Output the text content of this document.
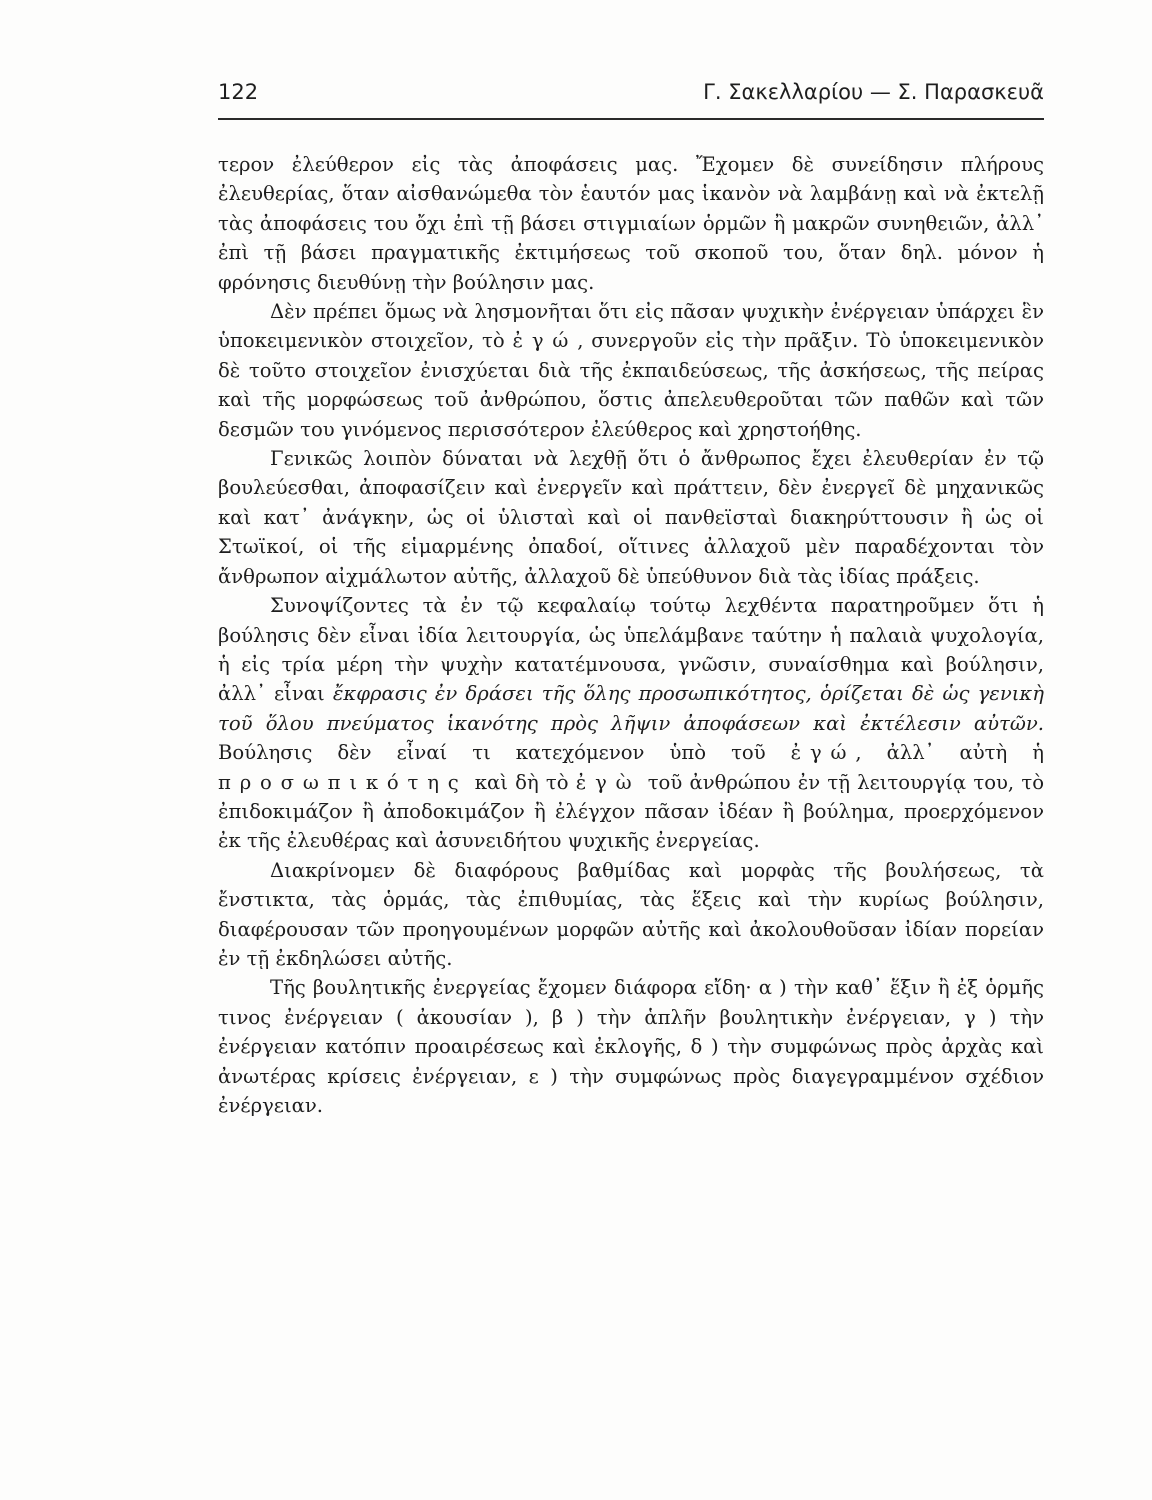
122	Γ. Σακελλαρίου — Σ. Παρασκευᾶ

τερον ἐλεύθερον εἰς τὰς ἀποφάσεις μας. Ἔχομεν δὲ συνείδησιν πλήρους ἐλευθερίας, ὅταν αἰσθανώμεθα τὸν ἑαυτόν μας ἱκανὸν νὰ λαμβάνῃ καὶ νὰ ἐκτελῇ τὰς ἀποφάσεις του ὄχι ἐπὶ τῇ βάσει στιγμιαίων ὁρμῶν ἢ μακρῶν συνηθειῶν, ἀλλ᾽ ἐπὶ τῇ βάσει πραγματικῆς ἐκτιμήσεως τοῦ σκοποῦ του, ὅταν δηλ. μόνον ἡ φρόνησις διευθύνῃ τὴν βούλησιν μας.

Δὲν πρέπει ὅμως νὰ λησμονῆται ὅτι εἰς πᾶσαν ψυχικὴν ἐνέργειαν ὑπάρχει ἓν ὑποκειμενικὸν στοιχεῖον, τὸ ἐγώ, συνεργοῦν εἰς τὴν πρᾶξιν. Τὸ ὑποκειμενικὸν δὲ τοῦτο στοιχεῖον ἐνισχύεται διὰ τῆς ἐκπαιδεύσεως, τῆς ἀσκήσεως, τῆς πείρας καὶ τῆς μορφώσεως τοῦ ἀνθρώπου, ὅστις ἀπελευθεροῦται τῶν παθῶν καὶ τῶν δεσμῶν του γινόμενος περισσότερον ἐλεύθερος καὶ χρηστοήθης.

Γενικῶς λοιπὸν δύναται νὰ λεχθῇ ὅτι ὁ ἄνθρωπος ἔχει ἐλευθερίαν ἐν τῷ βουλεύεσθαι, ἀποφασίζειν καὶ ἐνεργεῖν καὶ πράττειν, δὲν ἐνεργεῖ δὲ μηχανικῶς καὶ κατ᾽ ἀνάγκην, ὡς οἱ ὑλισταὶ καὶ οἱ πανθεϊσταὶ διακηρύττουσιν ἢ ὡς οἱ Στωϊκοί, οἱ τῆς εἱμαρμένης ὀπαδοί, οἵτινες ἀλλαχοῦ μὲν παραδέχονται τὸν ἄνθρωπον αἰχμάλωτον αὐτῆς, ἀλλαχοῦ δὲ ὑπεύθυνον διὰ τὰς ἰδίας πράξεις.

Συνοψίζοντες τὰ ἐν τῷ κεφαλαίῳ τούτῳ λεχθέντα παρατηροῦμεν ὅτι ἡ βούλησις δὲν εἶναι ἰδία λειτουργία, ὡς ὑπελάμβανε ταύτην ἡ παλαιὰ ψυχολογία, ἡ εἰς τρία μέρη τὴν ψυχὴν κατατέμνουσα, γνῶσιν, συναίσθημα καὶ βούλησιν, ἀλλ᾽ εἶναι ἔκφρασις ἐν δράσει τῆς ὅλης προσωπικότητος, ὁρίζεται δὲ ὡς γενικὴ τοῦ ὅλου πνεύματος ἱκανότης πρὸς λῆψιν ἀποφάσεων καὶ ἐκτέλεσιν αὐτῶν. Βούλησις δὲν εἶναί τι κατεχόμενον ὑπὸ τοῦ ἐγώ, ἀλλ᾽ αὐτὴ ἡ προσωπικότης καὶ δὴ τὸ ἐγὼ τοῦ ἀνθρώπου ἐν τῇ λειτουργίᾳ του, τὸ ἐπιδοκιμάζον ἢ ἀποδοκιμάζον ἢ ἐλέγχον πᾶσαν ἰδέαν ἢ βούλημα, προερχόμενον ἐκ τῆς ἐλευθέρας καὶ ἀσυνειδήτου ψυχικῆς ἐνεργείας.

Διακρίνομεν δὲ διαφόρους βαθμίδας καὶ μορφὰς τῆς βουλήσεως, τὰ ἔνστικτα, τὰς ὁρμάς, τὰς ἐπιθυμίας, τὰς ἕξεις καὶ τὴν κυρίως βούλησιν, διαφέρουσαν τῶν προηγουμένων μορφῶν αὐτῆς καὶ ἀκολουθοῦσαν ἰδίαν πορείαν ἐν τῇ ἐκδηλώσει αὐτῆς.

Τῆς βουλητικῆς ἐνεργείας ἔχομεν διάφορα εἴδη· α ) τὴν καθ᾽ ἕξιν ἢ ἐξ ὁρμῆς τινος ἐνέργειαν ( ἀκουσίαν ), β ) τὴν ἁπλῆν βουλητικὴν ἐνέργειαν, γ ) τὴν ἐνέργειαν κατόπιν προαιρέσεως καὶ ἐκλογῆς, δ ) τὴν συμφώνως πρὸς ἀρχὰς καὶ ἀνωτέρας κρίσεις ἐνέργειαν, ε ) τὴν συμφώνως πρὸς διαγεγραμμένον σχέδιον ἐνέργειαν.
